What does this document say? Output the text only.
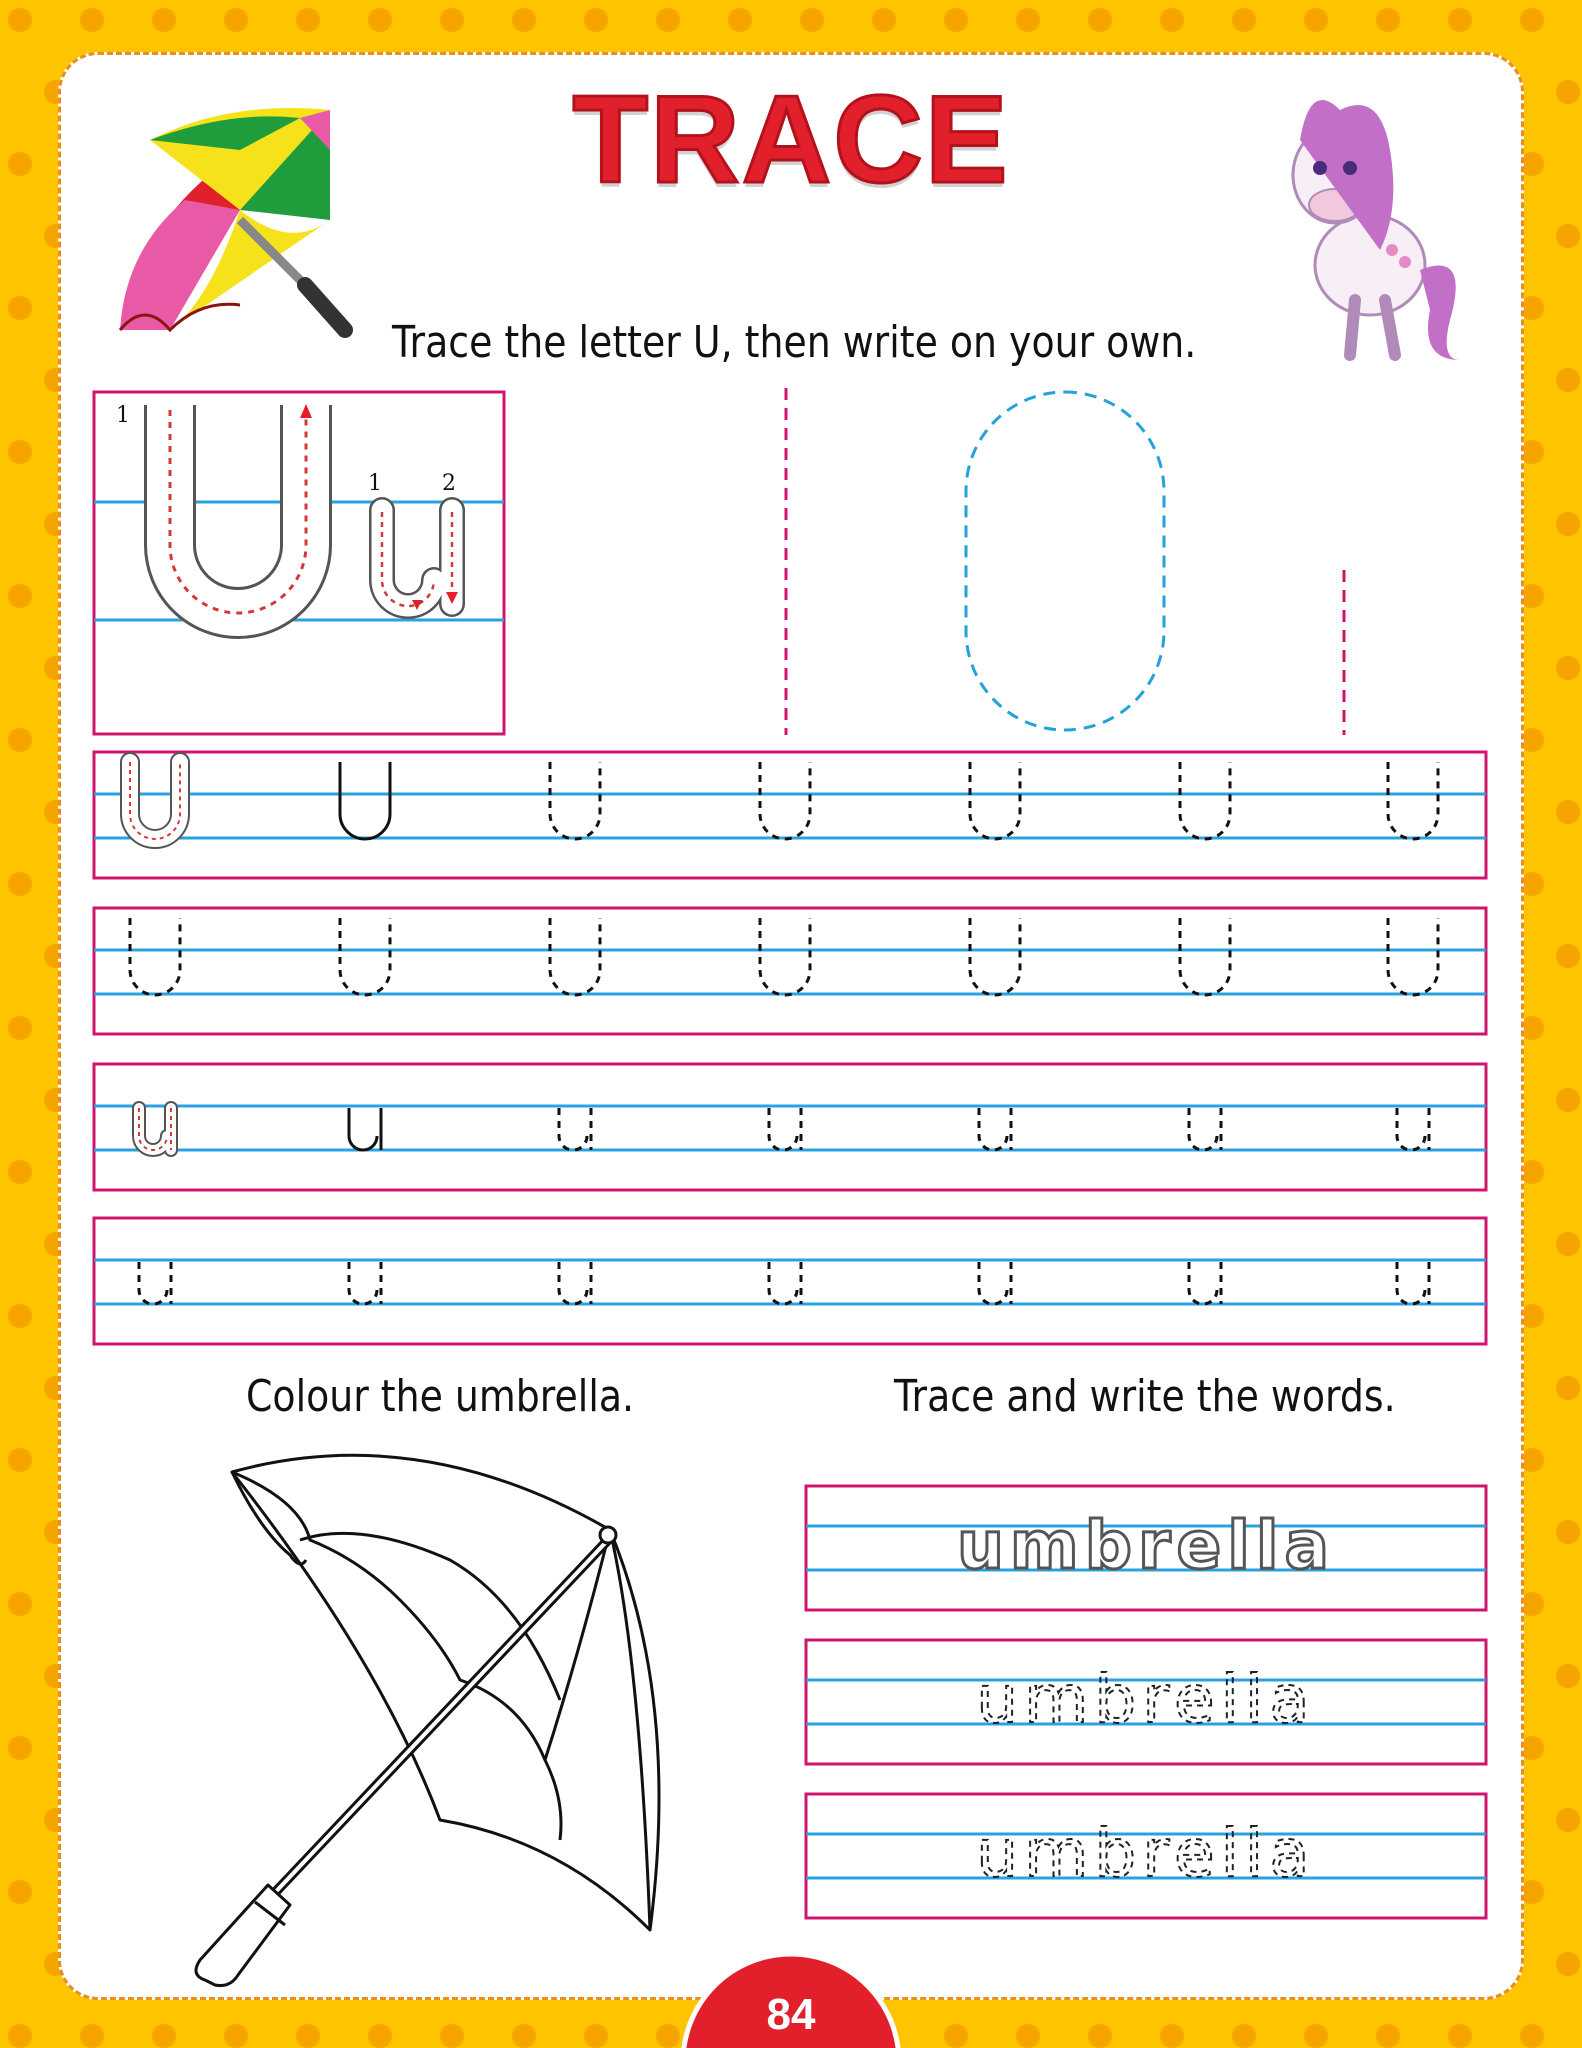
TRACE
Trace the letter U, then write on your own.
Colour the umbrella.	Trace and write the words.
1
1	2
umbrella
umbrella
umbrella
84
